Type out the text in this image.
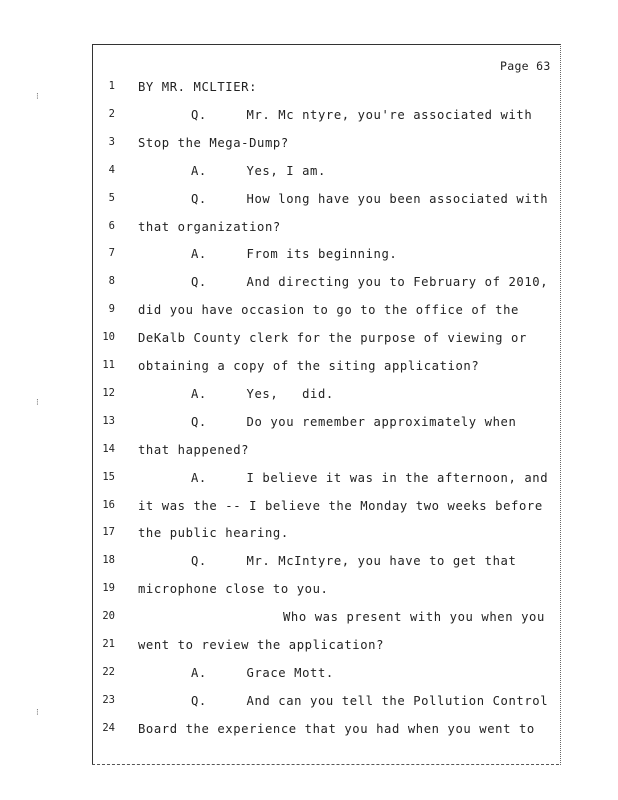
⁝
⁝
⁝
Page 63
1 BY MR. MCLTIER:
2	Q.     Mr. Mc ntyre, you're associated with
3 Stop the Mega-Dump?
4	A.     Yes, I am.
5	Q.     How long have you been associated with
6 that organization?
7	A.     From its beginning.
8	Q.     And directing you to February of 2010,
9 did you have occasion to go to the office of the
10 DeKalb County clerk for the purpose of viewing or
11 obtaining a copy of the siting application?
12	A.     Yes,   did.
13	Q.     Do you remember approximately when
14 that happened?
15	A.     I believe it was in the afternoon, and
16 it was the -- I believe the Monday two weeks before
17 the public hearing.
18	Q.     Mr. McIntyre, you have to get that
19 microphone close to you.
20	Who was present with you when you
21 went to review the application?
22	A.     Grace Mott.
23	Q.     And can you tell the Pollution Control
24 Board the experience that you had when you went to
